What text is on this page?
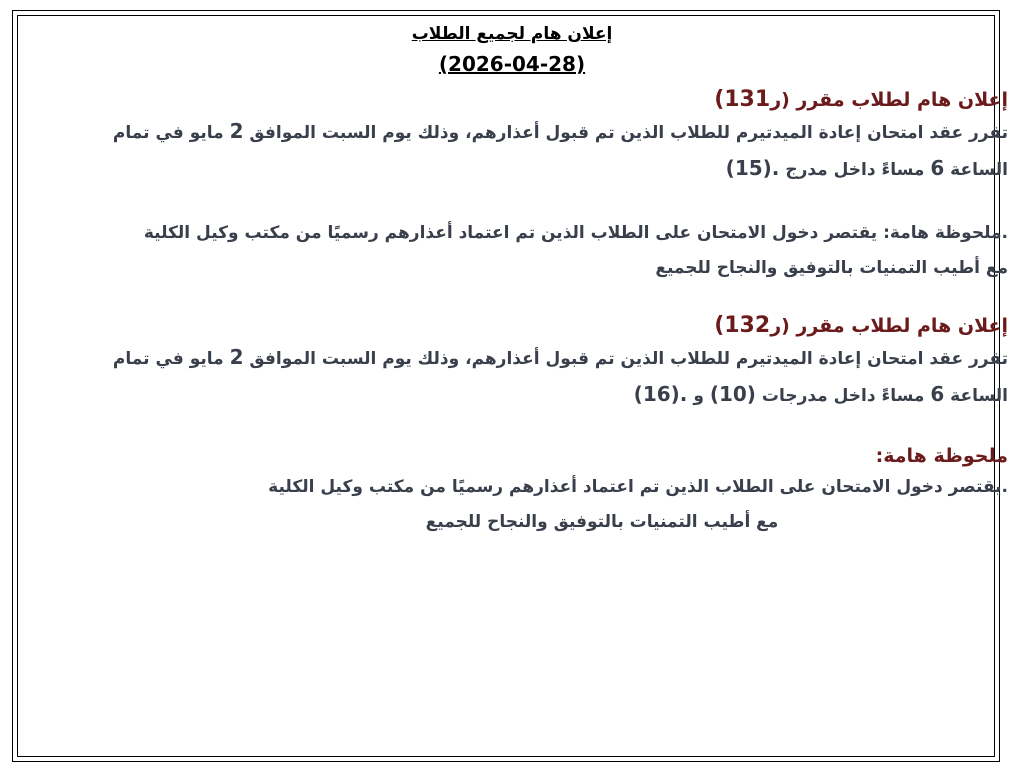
إعلان هام لجميع الطلاب
(2026-04-28)
إعلان هام لطلاب مقرر (ر131)
تقرر عقد امتحان إعادة الميدتيرم للطلاب الذين تم قبول أعذارهم، وذلك يوم السبت الموافق 2 مايو في تمام
الساعة 6 مساءً داخل مدرج .(15)
.ملحوظة هامة: يقتصر دخول الامتحان على الطلاب الذين تم اعتماد أعذارهم رسميًا من مكتب وكيل الكلية
مع أطيب التمنيات بالتوفيق والنجاح للجميع
إعلان هام لطلاب مقرر (ر132)
تقرر عقد امتحان إعادة الميدتيرم للطلاب الذين تم قبول أعذارهم، وذلك يوم السبت الموافق 2 مايو في تمام
الساعة 6 مساءً داخل مدرجات (10) و .(16)
ملحوظة هامة:
.يقتصر دخول الامتحان على الطلاب الذين تم اعتماد أعذارهم رسميًا من مكتب وكيل الكلية
مع أطيب التمنيات بالتوفيق والنجاح للجميع
